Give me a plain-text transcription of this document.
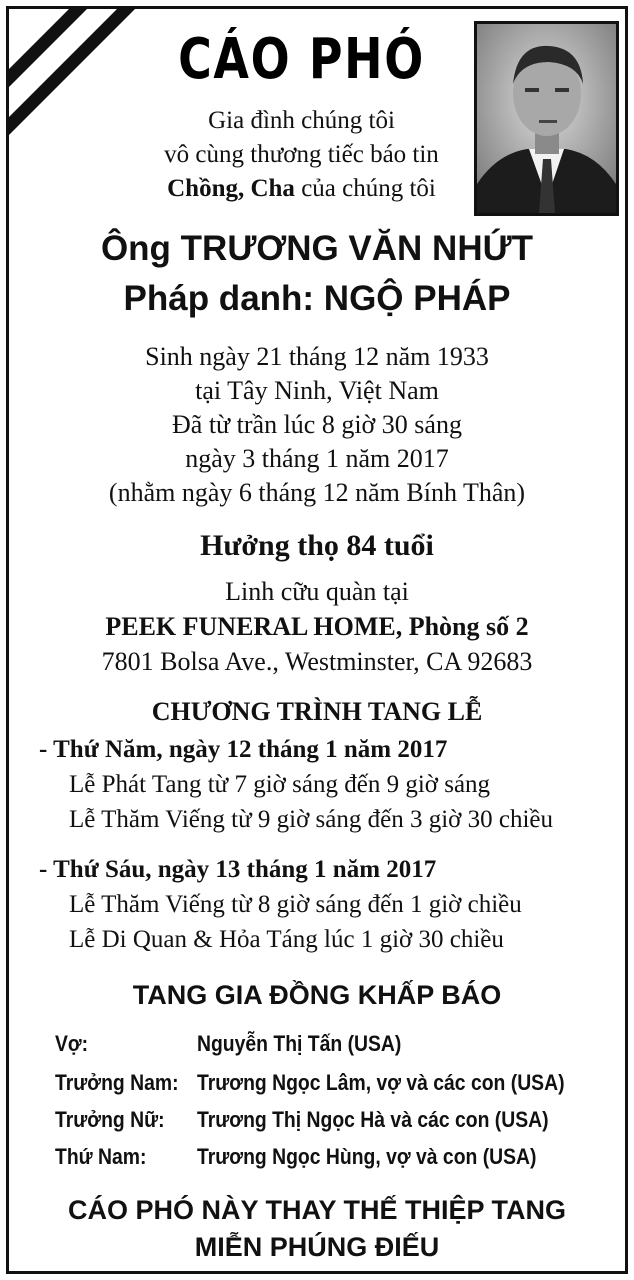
CÁO PHÓ
Gia đình chúng tôi
vô cùng thương tiếc báo tin
Chồng, Cha của chúng tôi
Ông TRƯƠNG VĂN NHỨT
Pháp danh: NGỘ PHÁP
Sinh ngày 21 tháng 12 năm 1933
tại Tây Ninh, Việt Nam
Đã từ trần lúc 8 giờ 30 sáng
ngày 3 tháng 1 năm 2017
(nhằm ngày 6 tháng 12 năm Bính Thân)
Hưởng thọ 84 tuổi
Linh cữu quàn tại
PEEK FUNERAL HOME, Phòng số 2
7801 Bolsa Ave., Westminster, CA 92683
CHƯƠNG TRÌNH TANG LỄ
- Thứ Năm, ngày 12 tháng 1 năm 2017
Lễ Phát Tang từ 7 giờ sáng đến 9 giờ sáng
Lễ Thăm Viếng từ 9 giờ sáng đến 3 giờ 30 chiều
- Thứ Sáu, ngày 13 tháng 1 năm 2017
Lễ Thăm Viếng từ 8 giờ sáng đến 1 giờ chiều
Lễ Di Quan & Hỏa Táng lúc 1 giờ 30 chiều
TANG GIA ĐỒNG KHẤP BÁO
Vợ:	Nguyễn Thị Tấn (USA)
Trưởng Nam: Trương Ngọc Lâm, vợ và các con (USA)
Trưởng Nữ: Trương Thị Ngọc Hà và các con (USA)
Thứ Nam: Trương Ngọc Hùng, vợ và con (USA)
CÁO PHÓ NÀY THAY THẾ THIỆP TANG
MIỄN PHÚNG ĐIẾU
